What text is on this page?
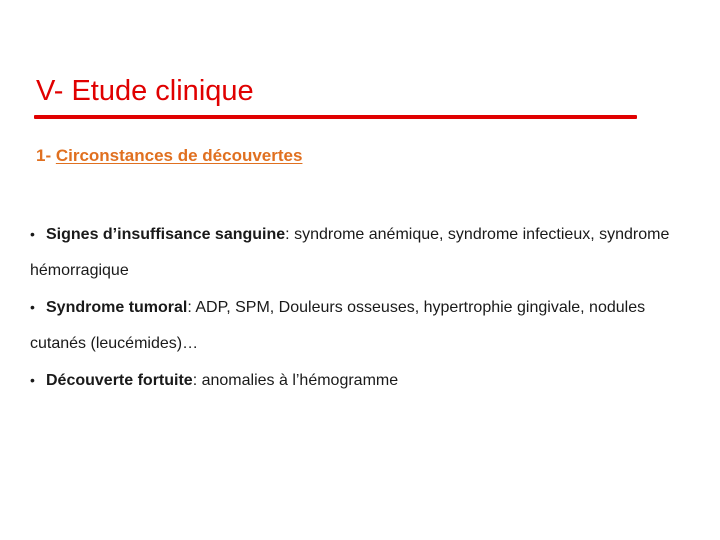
V- Etude clinique
1- Circonstances de découvertes

• Signes d’insuffisance sanguine: syndrome anémique, syndrome infectieux, syndrome hémorragique

• Syndrome tumoral: ADP, SPM, Douleurs osseuses, hypertrophie gingivale, nodules cutanés (leucémides)…

• Découverte fortuite: anomalies à l’hémogramme
